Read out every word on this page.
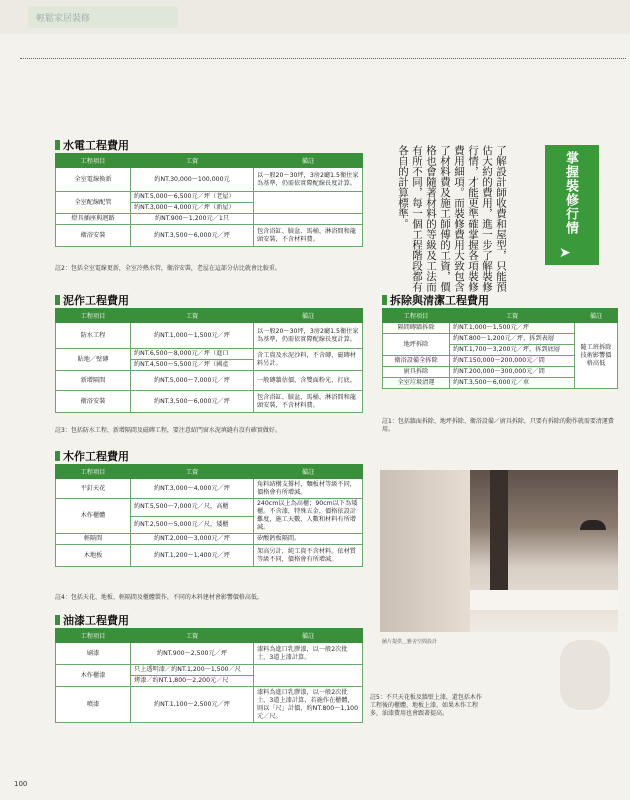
輕鬆家居裝修
掌握裝修行情
➤
了解設計師收費和屋型，只能預估大約的費用，進一步了解裝修行情，才能更準確掌握各項裝修費用細項。而裝修費用大致包含了材料費及施工師傅的工資，價格也會隨著材料的等級及工法而有所不同，每一個工程階段都有各自的計算標準。
水電工程費用
工程項目	工資	備註
全室電線換新	約NT.30,000～100,000元	以一般20～30坪，3房2廳1.5衛住家為基準，仍需依實際配線長度計算。
全室配線配管	約NT.5,000～6,500元／坪（老屋）	
	約NT.3,000～4,000元／坪（新屋）	
燈具插座與迴路	約NT.900～1,200元／1只	
衛浴安裝	約NT.3,500～6,000元／坪	包含浴缸、臉盆、馬桶、淋浴間和龍頭安裝，不含材料費。
註2：包括全室電線更新，全室冷熱水管，衛浴安裝，老屋在這部分佔比就會比較重。
泥作工程費用
工程項目	工資	備註
防水工程	約NT.1,000～1,500元／坪	以一般20～30坪，3房2廳1.5衛住家為基準，仍需依實際配線長度計算。
貼地／壁磚	約NT.6,500～8,000元／坪（進口	含工資及水泥沙料，不含磚，磁磚材料另計。
	約NT.4,500～5,500元／坪（國產	
新增隔間	約NT.5,000～7,000元／坪	一般磚牆估價，含雙面粉光、打底。
衛浴安裝	約NT.3,500～6,000元／坪	包含浴缸、臉盆、馬桶、淋浴間和龍頭安裝，不含材料費。
註3：包括防水工程、新增隔間及磁磚工程，要注意紹門窗水泥填縫有沒有確實做好。
木作工程費用
工程項目	工資	備註
平釘天花	約NT.3,000～4,000元／坪	角料結構支撐村，麵板材等級不同，價格會有所增減。
木作櫃體	約NT.5,500～7,000元／尺，高櫃	240cm以上為高櫃；90cm以下為矮櫃。不含漆，特殊五金，價格依設計難度，施工天數、人數和材料有所增減。
	約NT.2,500～5,000元／尺，矮櫃	
輕隔間	約NT.2,000～3,000元／坪	矽酸鈣板隔間。
木地板	約NT.1,200～1,400元／坪	架高另計，純工資不含材料。依材質等級不同，價格會有所增減。
註4：包括天花、地板、輕隔間及櫃體製作，不同的木料建材會影響價格高低。
油漆工程費用
工程項目	工資	備註
刷漆	約NT.900～2,500元／坪	漆料為進口乳膠漆，以一般2次批土，3道上漆計算。
木作櫃漆	只上透明漆／約NT.1,200～1,500／尺	
	烤漆／約NT.1,800～2,200元／尺	
噴漆	約NT.1,100～2,500元／坪	漆料為進口乳膠漆，以一般2次批土，3道上漆計算，若施作在櫃體，則以「尺」計價，約NT.800～1,100元／尺。
拆除與清潔工程費用
工程項目	工資	備註
隔間磚牆拆除	約NT.1,000～1,500元／坪	隨工班拆除技術影響價格高低
地坪拆除	約NT.800～1,200元／坪，拆到表層	
	約NT.1,700～3,200元／坪，拆到底層	
衛浴設備全拆除	約NT.150,000～200,000元／間	
廚具拆除	約NT.200,000～300,000元／間	
全室垃圾清運	約NT.3,500～6,000元／車	
註1：包括牆面拆除、地坪拆除、衛浴設備／廚具拆除，只要有拆除的動作就需要清運費用。
圖片提供＿雅舍空間設計
註5：不只天花板及牆壁上漆，還包括木作工程後的櫃體、地板上漆，如果木作工程多，油漆費用也會跟著提高。
100
